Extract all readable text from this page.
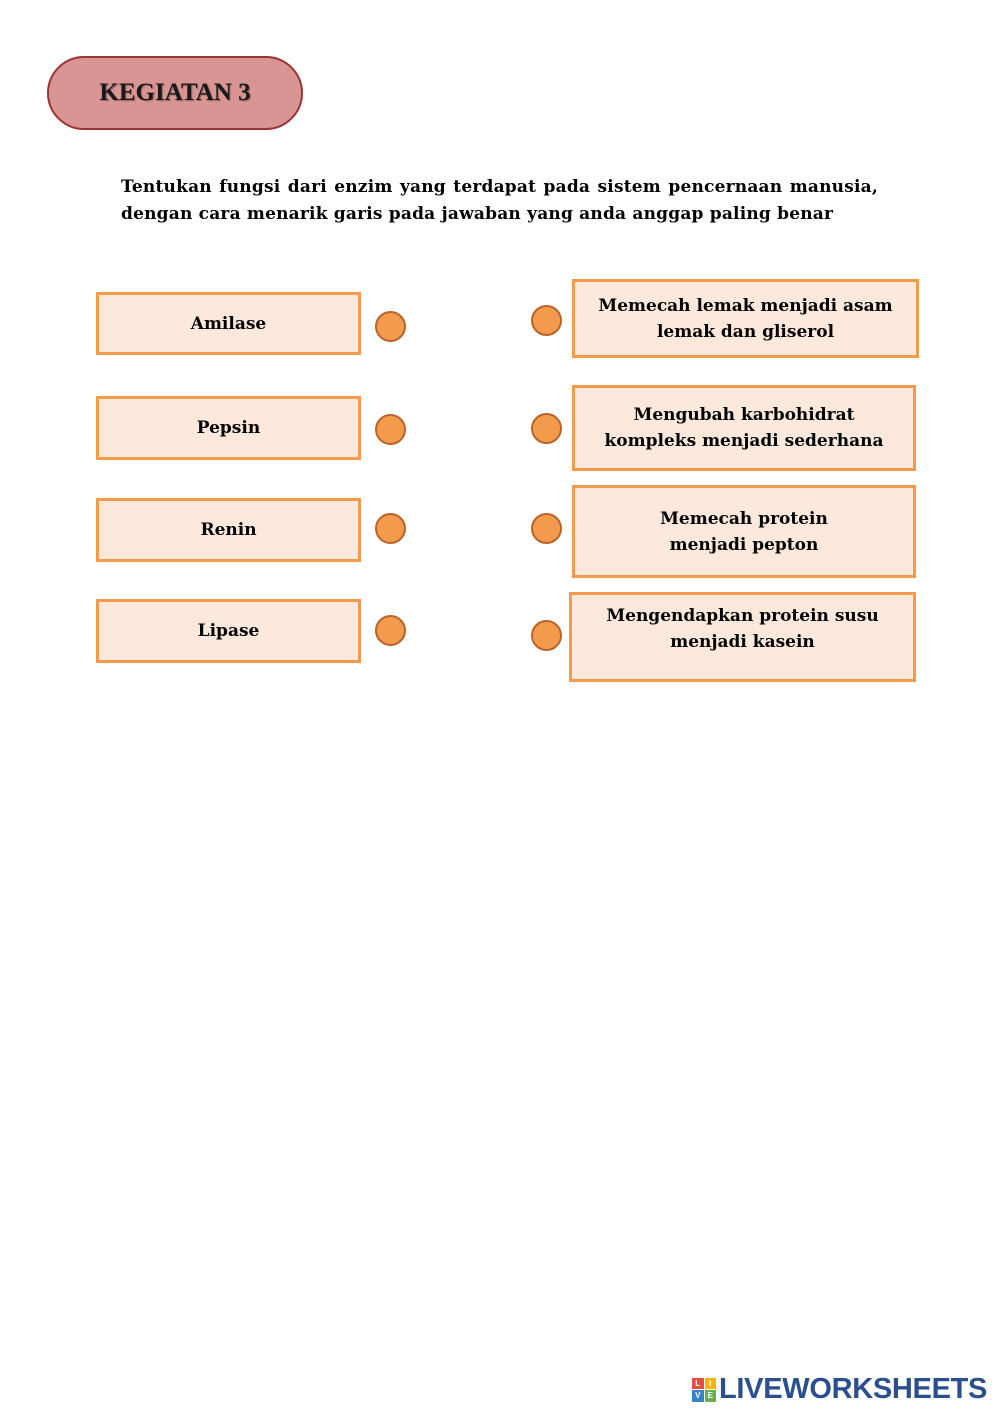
KEGIATAN 3
Tentukan fungsi dari enzim yang terdapat pada sistem pencernaan manusia, dengan cara menarik garis pada jawaban yang anda anggap paling benar
Amilase
Pepsin
Renin
Lipase
Memecah lemak menjadi asam lemak dan gliserol
Mengubah karbohidrat kompleks menjadi sederhana
Memecah protein menjadi pepton
Mengendapkan protein susu menjadi kasein
L	I
V E LIVEWORKSHEETS
